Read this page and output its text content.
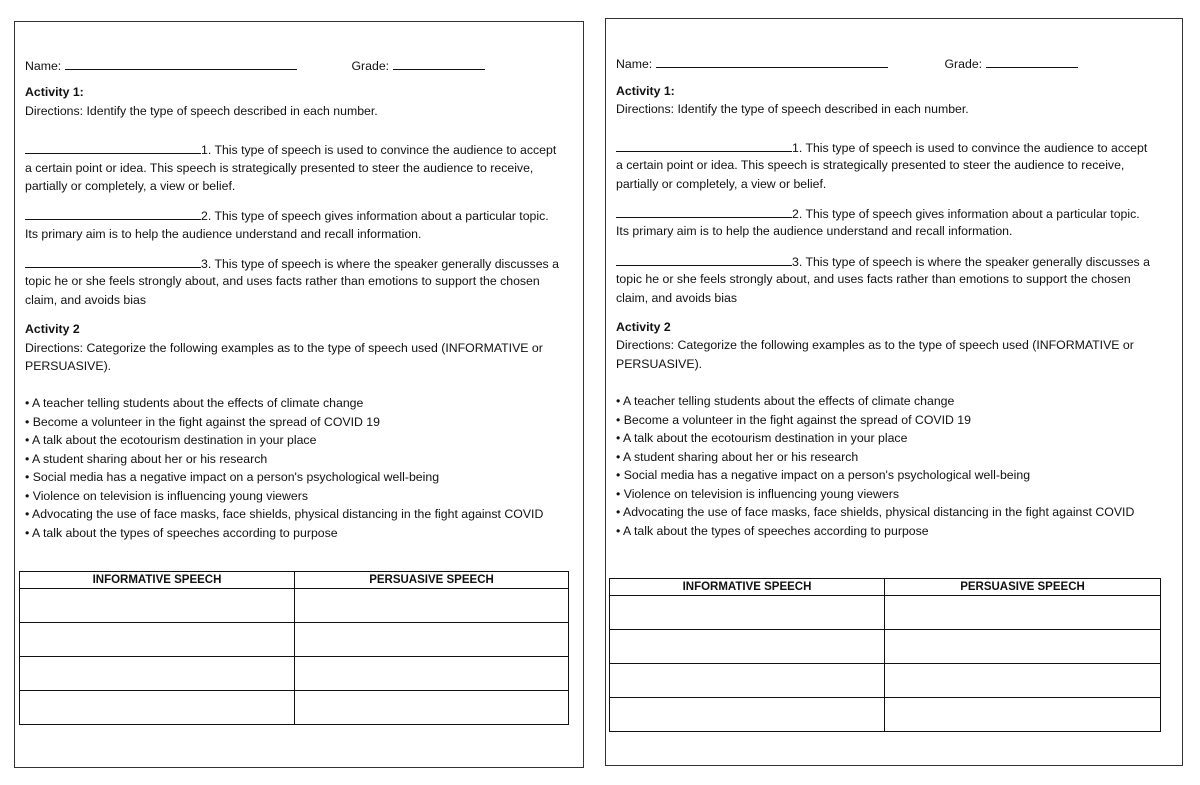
Name:	Grade:
Activity 1:
Directions: Identify the type of speech described in each number.
1. This type of speech is used to convince the audience to accept
a certain point or idea. This speech is strategically presented to steer the audience to receive,
partially or completely, a view or belief.
2. This type of speech gives information about a particular topic.
Its primary aim is to help the audience understand and recall information.
3. This type of speech is where the speaker generally discusses a
topic he or she feels strongly about, and uses facts rather than emotions to support the chosen
claim, and avoids bias
Activity 2
Directions: Categorize the following examples as to the type of speech used (INFORMATIVE or
PERSUASIVE).
• A teacher telling students about the effects of climate change
• Become a volunteer in the fight against the spread of COVID 19
• A talk about the ecotourism destination in your place
• A student sharing about her or his research
• Social media has a negative impact on a person's psychological well-being
• Violence on television is influencing young viewers
• Advocating the use of face masks, face shields, physical distancing in the fight against COVID
• A talk about the types of speeches according to purpose
INFORMATIVE SPEECH	PERSUASIVE SPEECH

Name:	Grade:
Activity 1:
Directions: Identify the type of speech described in each number.
1. This type of speech is used to convince the audience to accept
a certain point or idea. This speech is strategically presented to steer the audience to receive,
partially or completely, a view or belief.
2. This type of speech gives information about a particular topic.
Its primary aim is to help the audience understand and recall information.
3. This type of speech is where the speaker generally discusses a
topic he or she feels strongly about, and uses facts rather than emotions to support the chosen
claim, and avoids bias
Activity 2
Directions: Categorize the following examples as to the type of speech used (INFORMATIVE or
PERSUASIVE).
• A teacher telling students about the effects of climate change
• Become a volunteer in the fight against the spread of COVID 19
• A talk about the ecotourism destination in your place
• A student sharing about her or his research
• Social media has a negative impact on a person's psychological well-being
• Violence on television is influencing young viewers
• Advocating the use of face masks, face shields, physical distancing in the fight against COVID
• A talk about the types of speeches according to purpose
INFORMATIVE SPEECH	PERSUASIVE SPEECH
